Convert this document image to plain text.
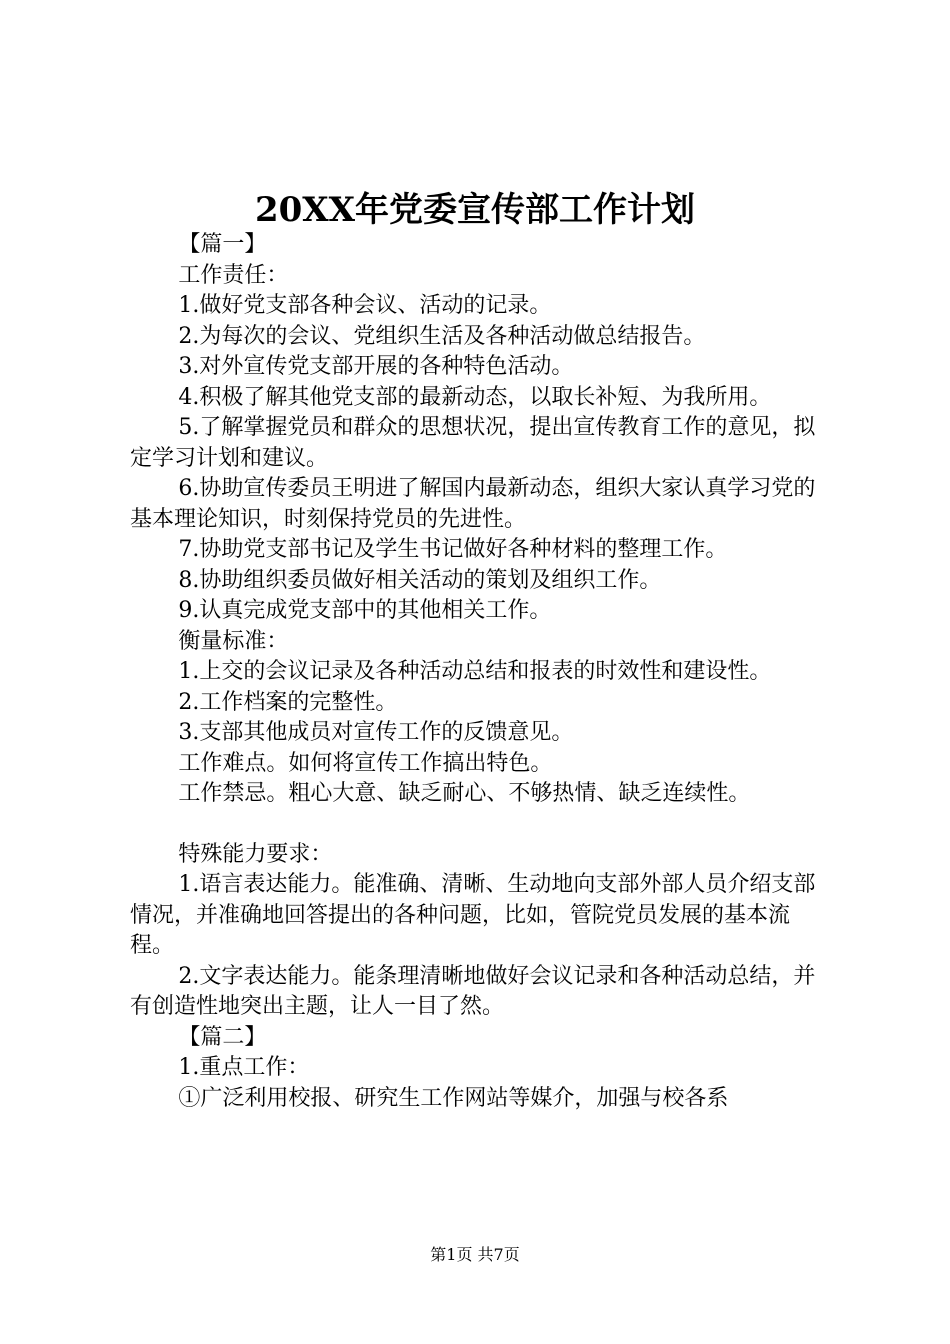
20XX年党委宣传部工作计划

【篇一】

工作责任：

1.做好党支部各种会议、活动的记录。

2.为每次的会议、党组织生活及各种活动做总结报告。

3.对外宣传党支部开展的各种特色活动。

4.积极了解其他党支部的最新动态，以取长补短、为我所用。

5.了解掌握党员和群众的思想状况，提出宣传教育工作的意见，拟定学习计划和建议。

6.协助宣传委员王明进了解国内最新动态，组织大家认真学习党的基本理论知识，时刻保持党员的先进性。

7.协助党支部书记及学生书记做好各种材料的整理工作。

8.协助组织委员做好相关活动的策划及组织工作。

9.认真完成党支部中的其他相关工作。

衡量标准：

1.上交的会议记录及各种活动总结和报表的时效性和建设性。

2.工作档案的完整性。

3.支部其他成员对宣传工作的反馈意见。

工作难点。如何将宣传工作搞出特色。

工作禁忌。粗心大意、缺乏耐心、不够热情、缺乏连续性。

特殊能力要求：

1.语言表达能力。能准确、清晰、生动地向支部外部人员介绍支部情况，并准确地回答提出的各种问题，比如，管院党员发展的基本流程。

2.文字表达能力。能条理清晰地做好会议记录和各种活动总结，并有创造性地突出主题，让人一目了然。

【篇二】

1.重点工作：

①广泛利用校报、研究生工作网站等媒介，加强与校各系

第1页 共7页
